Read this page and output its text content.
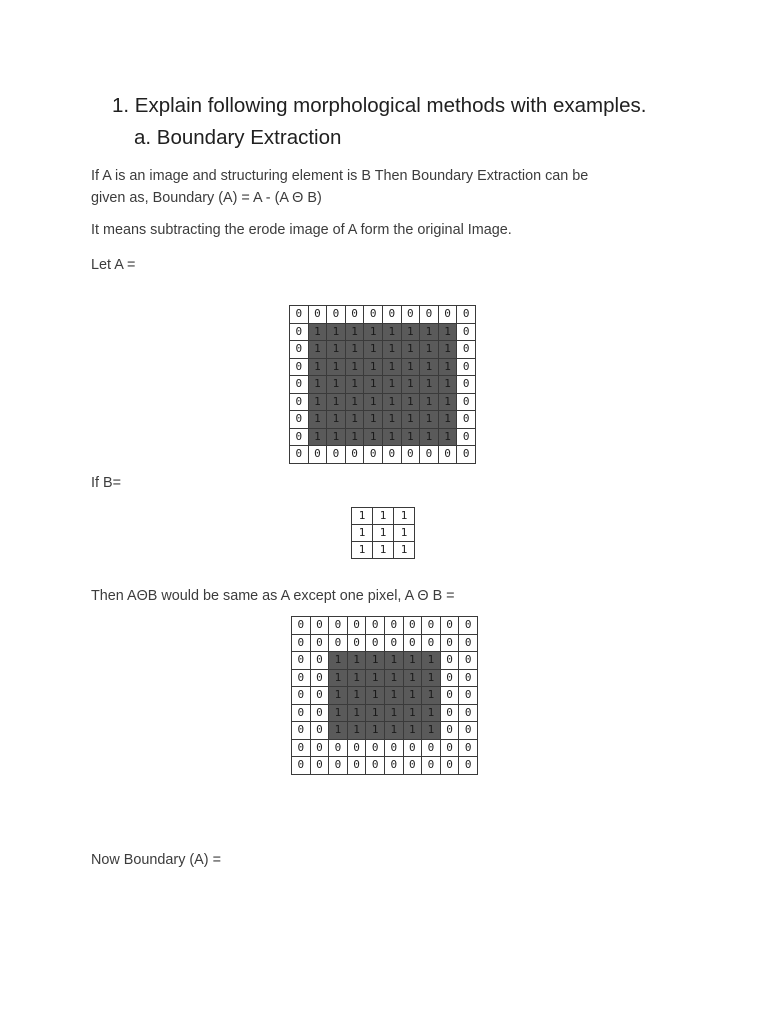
1. Explain following morphological methods with examples.
a. Boundary Extraction
If A is an image and structuring element is B Then Boundary Extraction can be
given as, Boundary (A) = A - (A Θ B)
It means subtracting the erode image of A form the original Image.
Let A =
0	0	0	0	0	0	0	0	0	0
0	1	1	1	1	1	1	1	1	0
0	1	1	1	1	1	1	1	1	0
0	1	1	1	1	1	1	1	1	0
0	1	1	1	1	1	1	1	1	0
0	1	1	1	1	1	1	1	1	0
0	1	1	1	1	1	1	1	1	0
0	1	1	1	1	1	1	1	1	0
0	0	0	0	0	0	0	0	0	0
If B=
1	1	1
1	1	1
1	1	1
Then AΘB would be same as A except one pixel, A Θ B =
0	0	0	0	0	0	0	0	0	0
0	0	0	0	0	0	0	0	0	0
0	0	1	1	1	1	1	1	0	0
0	0	1	1	1	1	1	1	0	0
0	0	1	1	1	1	1	1	0	0
0	0	1	1	1	1	1	1	0	0
0	0	1	1	1	1	1	1	0	0
0	0	0	0	0	0	0	0	0	0
0	0	0	0	0	0	0	0	0	0
Now Boundary (A) =
